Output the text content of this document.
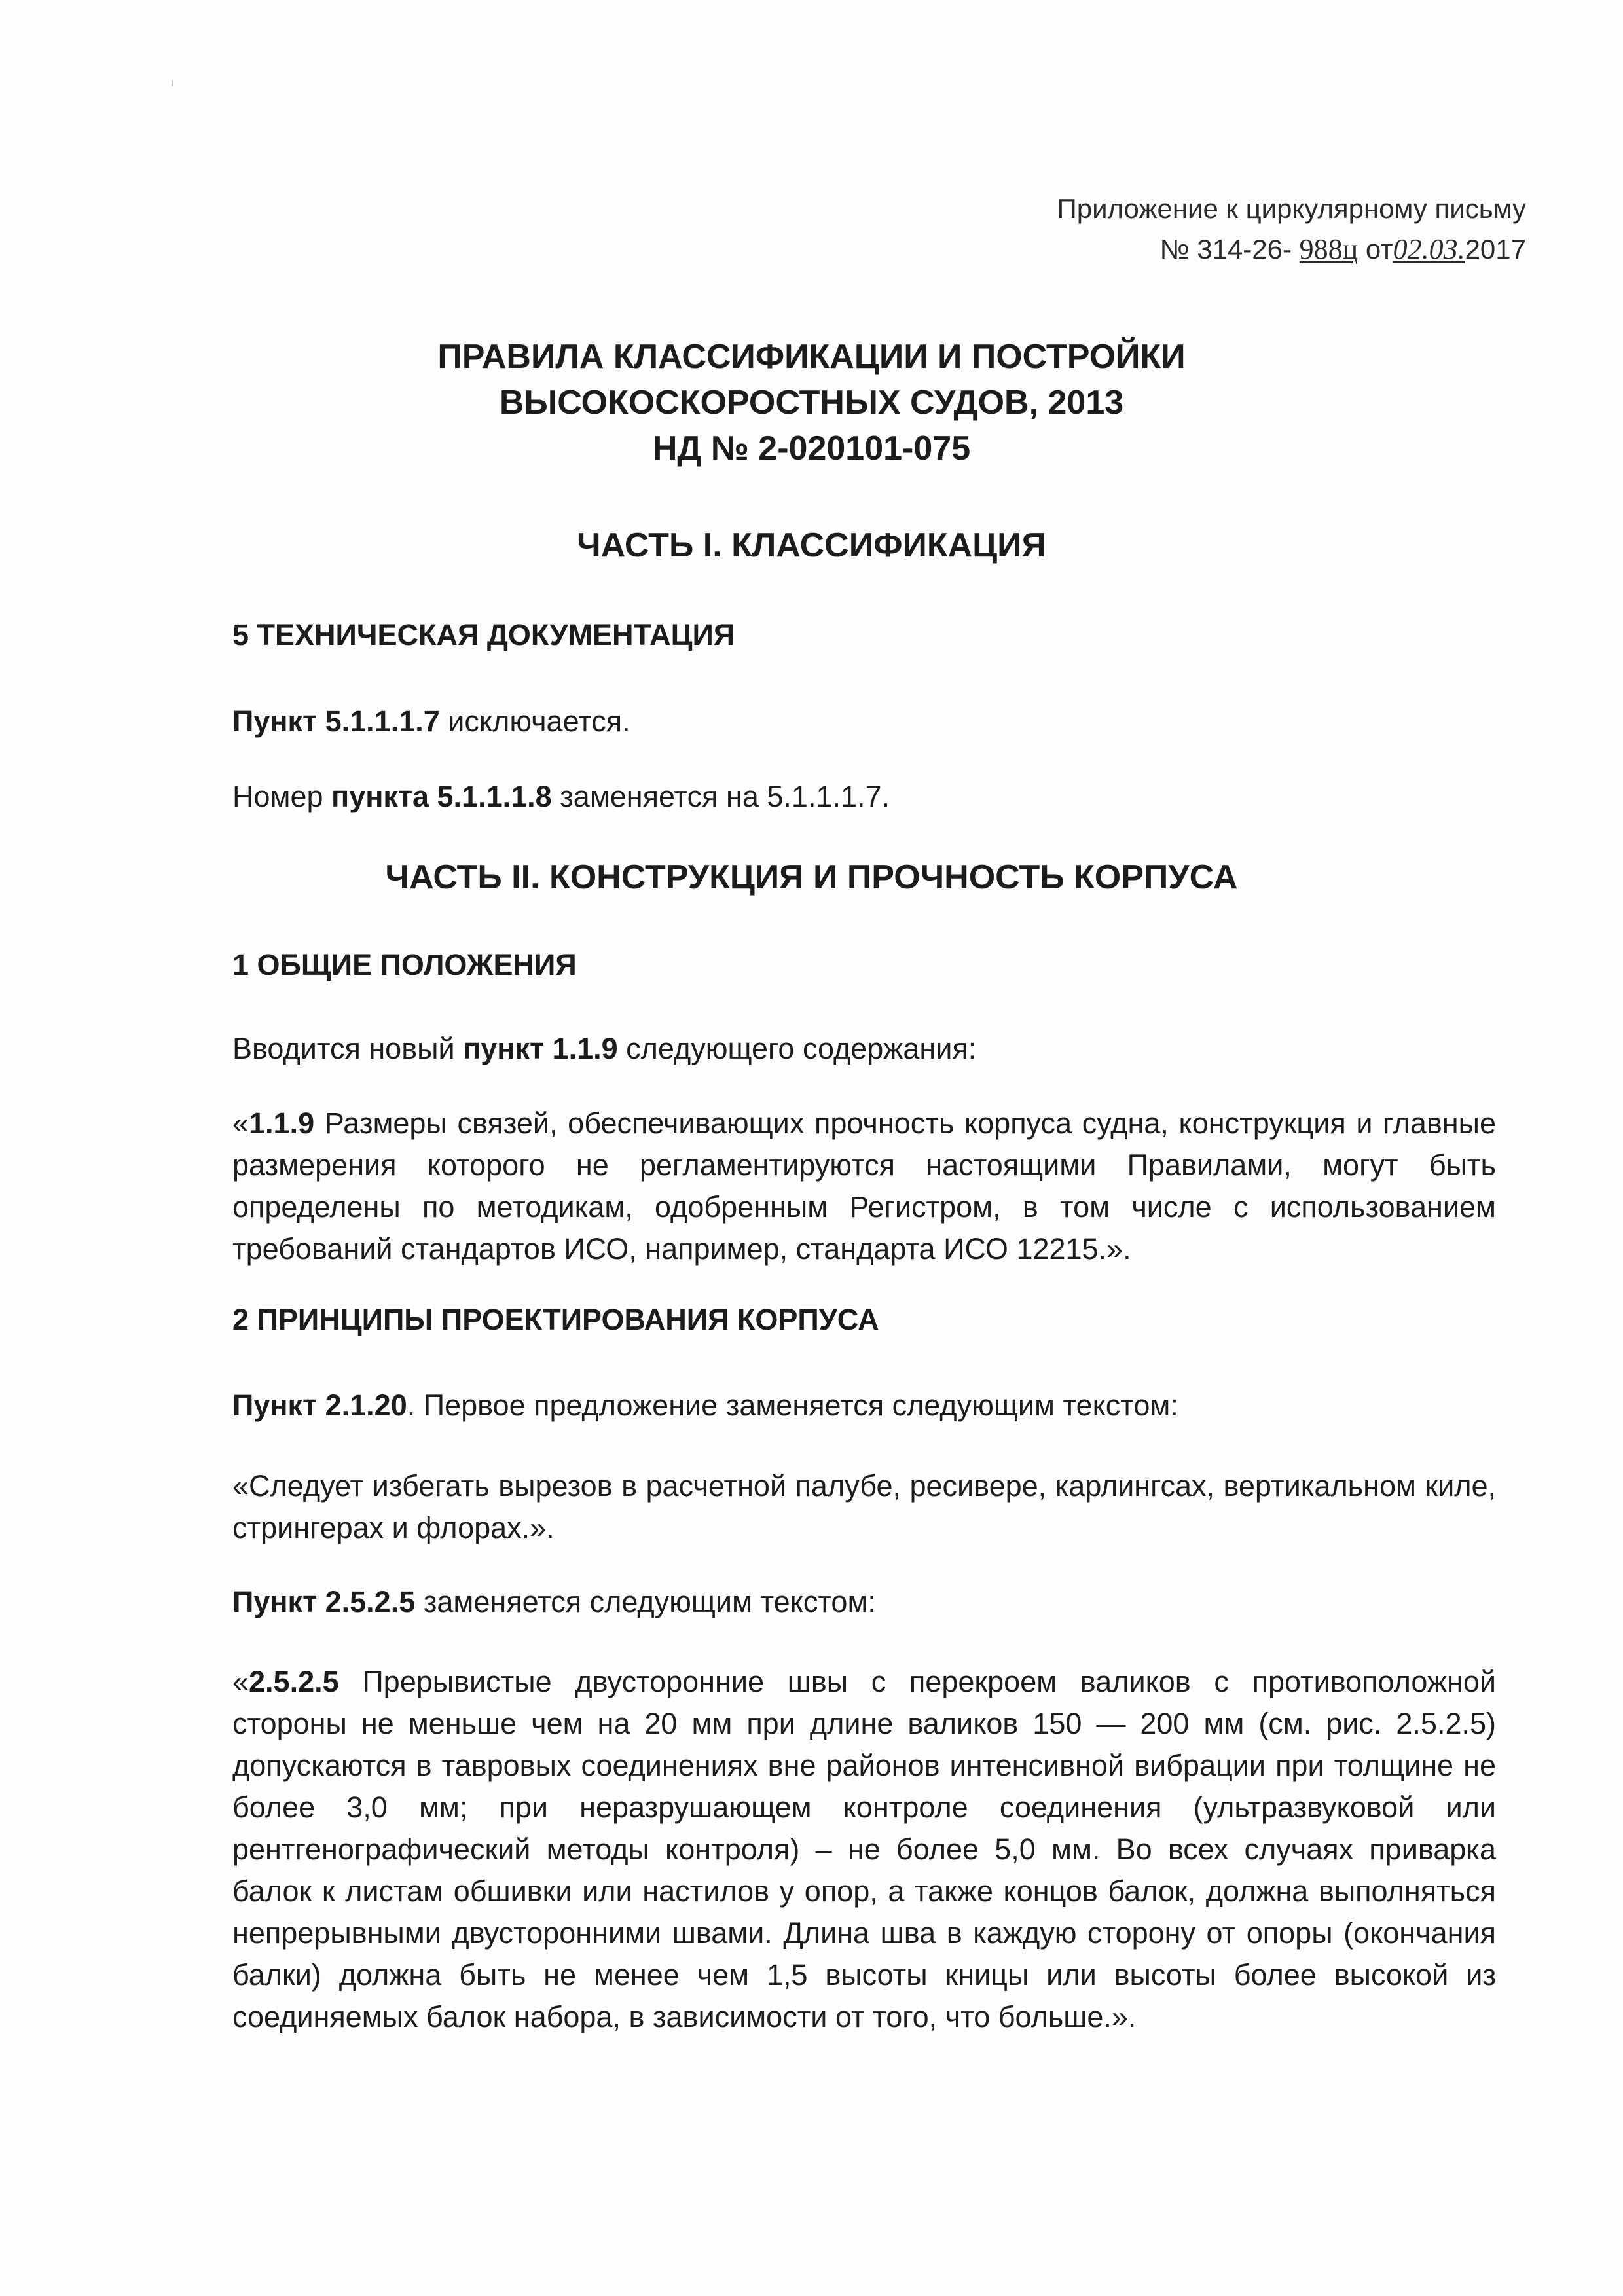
Приложение к циркулярному письму
№ 314-26- 988ц от02.03.2017
ПРАВИЛА КЛАССИФИКАЦИИ И ПОСТРОЙКИ
ВЫСОКОСКОРОСТНЫХ СУДОВ, 2013
НД № 2-020101-075
ЧАСТЬ I. КЛАССИФИКАЦИЯ
5 ТЕХНИЧЕСКАЯ ДОКУМЕНТАЦИЯ
Пункт 5.1.1.1.7 исключается.
Номер пункта 5.1.1.1.8 заменяется на 5.1.1.1.7.
ЧАСТЬ II. КОНСТРУКЦИЯ И ПРОЧНОСТЬ КОРПУСА
1 ОБЩИЕ ПОЛОЖЕНИЯ
Вводится новый пункт 1.1.9 следующего содержания:
«1.1.9 Размеры связей, обеспечивающих прочность корпуса судна, конструкция и главные размерения которого не регламентируются настоящими Правилами, могут быть определены по методикам, одобренным Регистром, в том числе с использованием требований стандартов ИСО, например, стандарта ИСО 12215.».
2 ПРИНЦИПЫ ПРОЕКТИРОВАНИЯ КОРПУСА
Пункт 2.1.20. Первое предложение заменяется следующим текстом:
«Следует избегать вырезов в расчетной палубе, ресивере, карлингсах, вертикальном киле, стрингерах и флорах.».
Пункт 2.5.2.5 заменяется следующим текстом:
«2.5.2.5 Прерывистые двусторонние швы с перекроем валиков с противоположной стороны не меньше чем на 20 мм при длине валиков 150 — 200 мм (см. рис. 2.5.2.5) допускаются в тавровых соединениях вне районов интенсивной вибрации при толщине не более 3,0 мм; при неразрушающем контроле соединения (ультразвуковой или рентгенографический методы контроля) – не более 5,0 мм. Во всех случаях приварка балок к листам обшивки или настилов у опор, а также концов балок, должна выполняться непрерывными двусторонними швами. Длина шва в каждую сторону от опоры (окончания балки) должна быть не менее чем 1,5 высоты кницы или высоты более высокой из соединяемых балок набора, в зависимости от того, что больше.».
